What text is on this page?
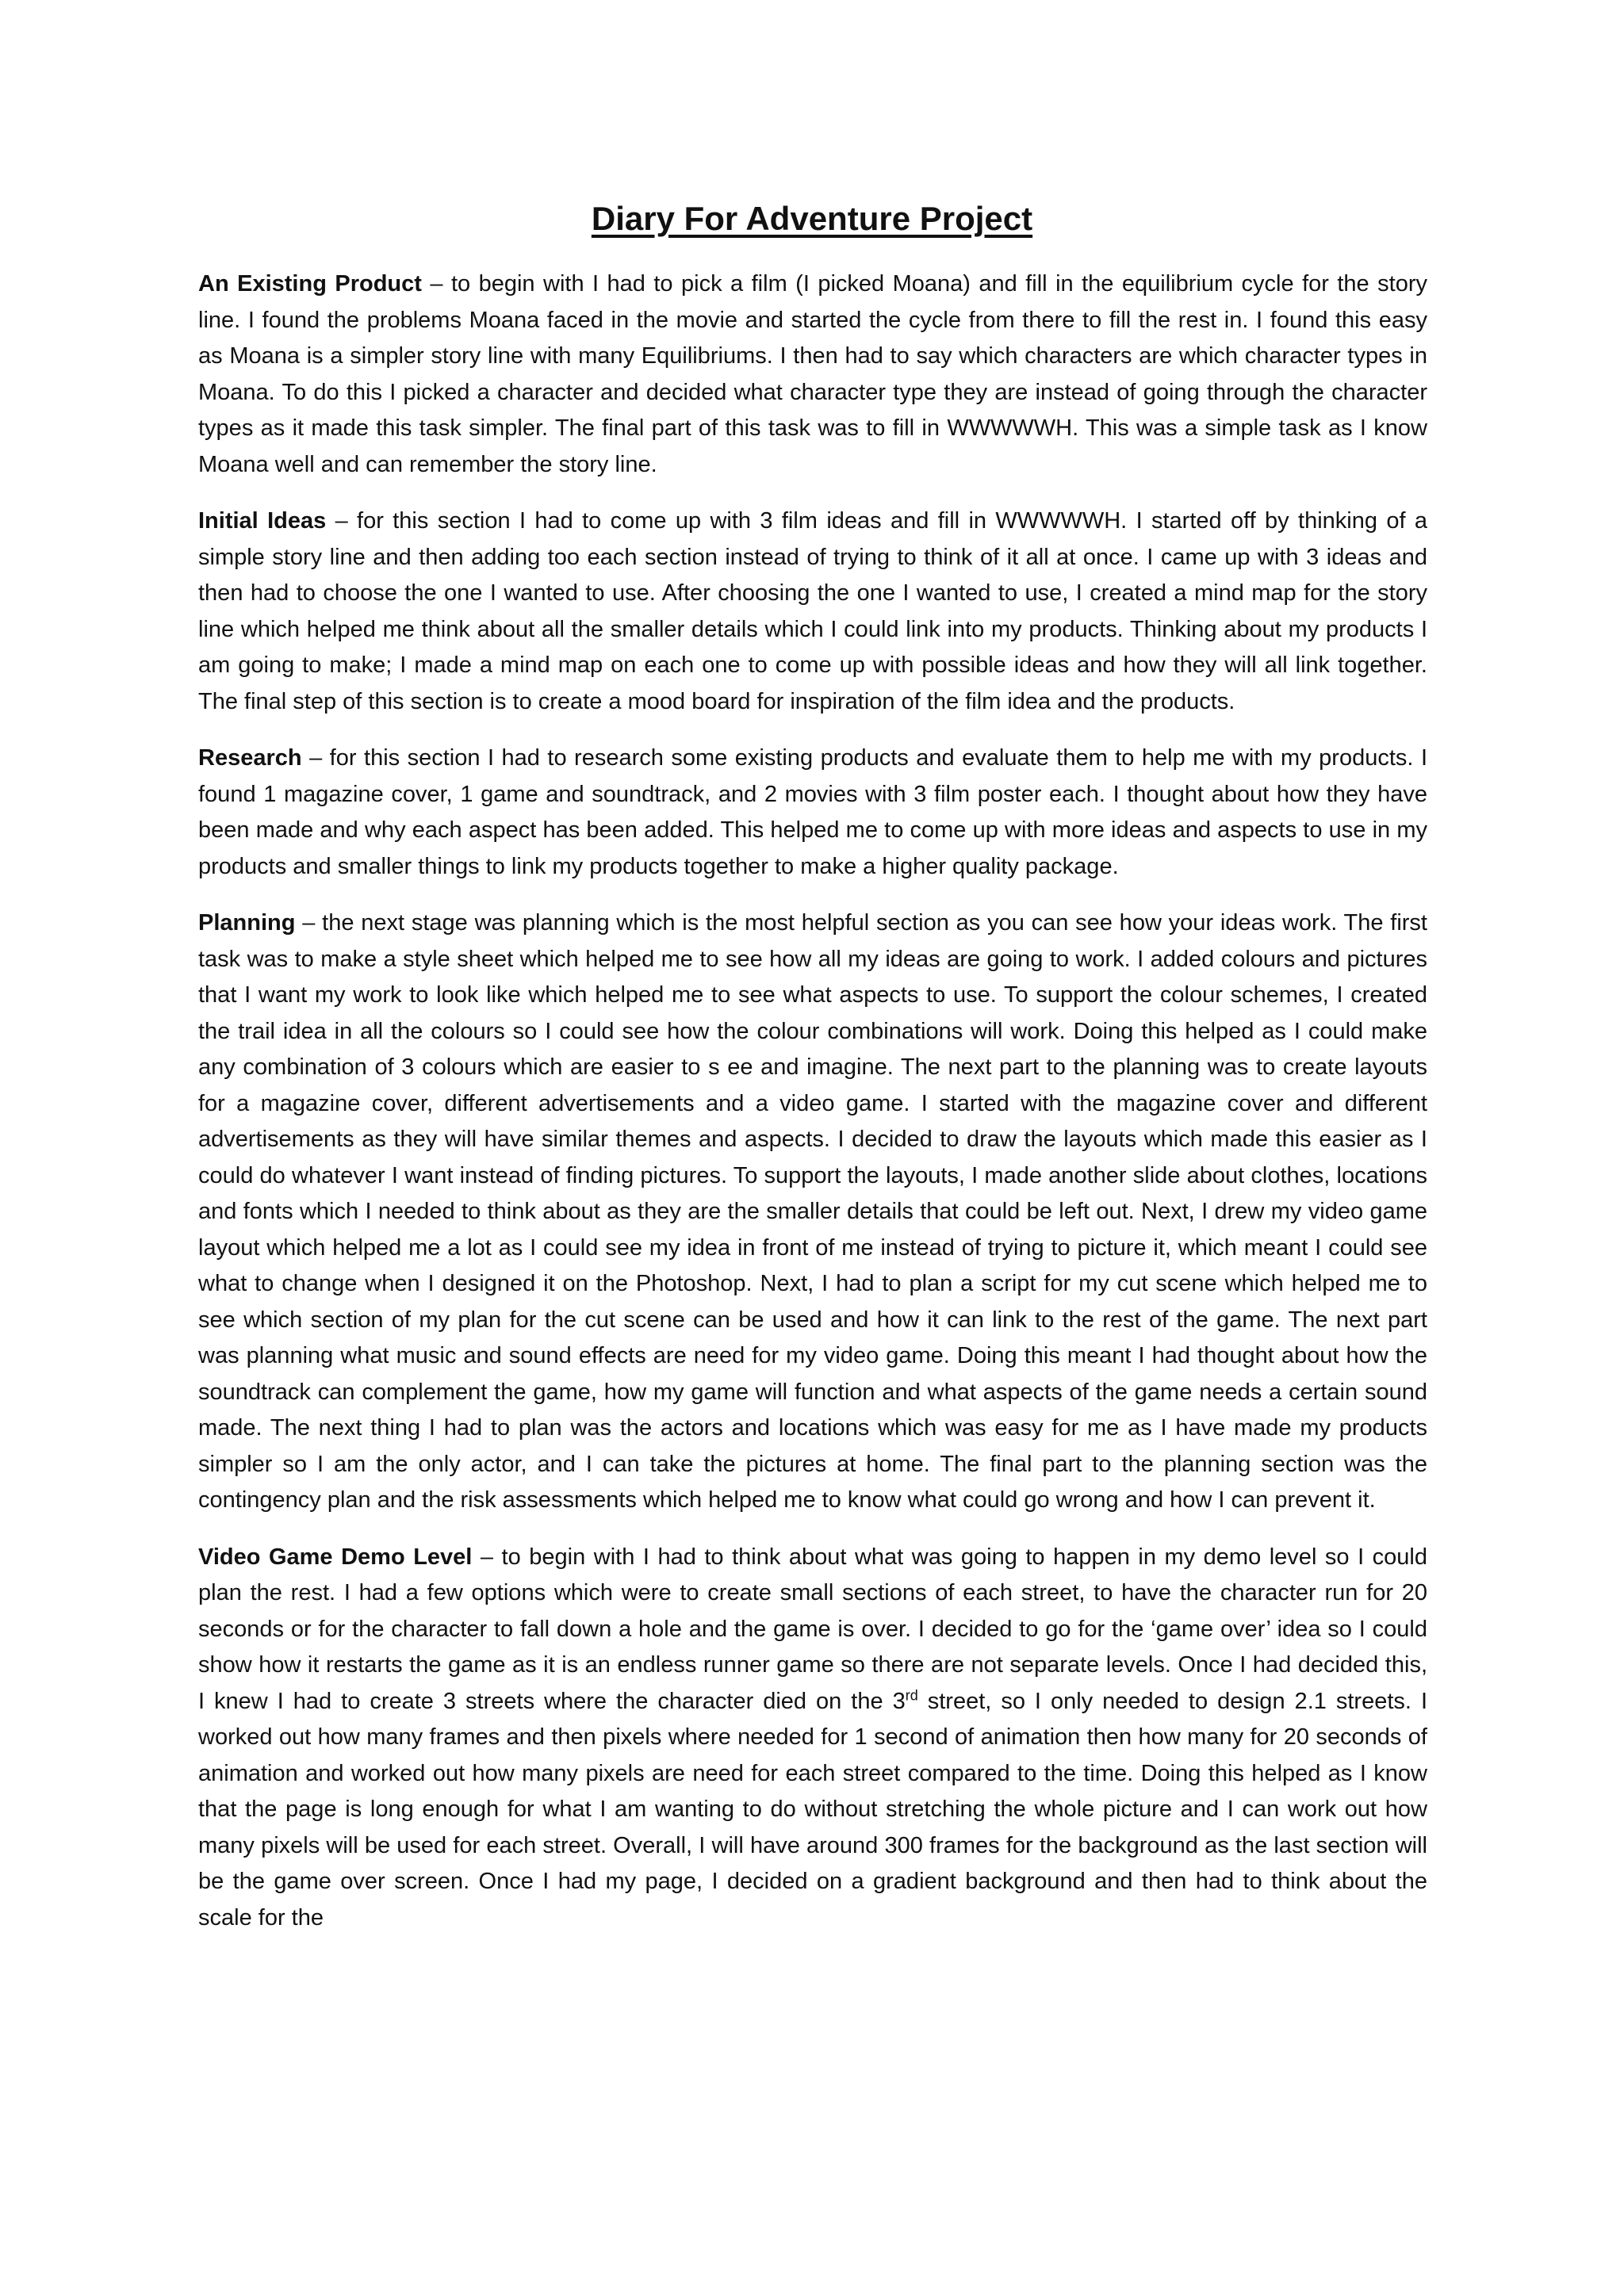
Diary For Adventure Project

An Existing Product – to begin with I had to pick a film (I picked Moana) and fill in the equilibrium cycle for the story line. I found the problems Moana faced in the movie and started the cycle from there to fill the rest in. I found this easy as Moana is a simpler story line with many Equilibriums. I then had to say which characters are which character types in Moana. To do this I picked a character and decided what character type they are instead of going through the character types as it made this task simpler. The final part of this task was to fill in WWWWWH. This was a simple task as I know Moana well and can remember the story line.

Initial Ideas – for this section I had to come up with 3 film ideas and fill in WWWWWH. I started off by thinking of a simple story line and then adding too each section instead of trying to think of it all at once. I came up with 3 ideas and then had to choose the one I wanted to use. After choosing the one I wanted to use, I created a mind map for the story line which helped me think about all the smaller details which I could link into my products. Thinking about my products I am going to make; I made a mind map on each one to come up with possible ideas and how they will all link together. The final step of this section is to create a mood board for inspiration of the film idea and the products.

Research – for this section I had to research some existing products and evaluate them to help me with my products. I found 1 magazine cover, 1 game and soundtrack, and 2 movies with 3 film poster each. I thought about how they have been made and why each aspect has been added. This helped me to come up with more ideas and aspects to use in my products and smaller things to link my products together to make a higher quality package.

Planning – the next stage was planning which is the most helpful section as you can see how your ideas work. The first task was to make a style sheet which helped me to see how all my ideas are going to work. I added colours and pictures that I want my work to look like which helped me to see what aspects to use. To support the colour schemes, I created the trail idea in all the colours so I could see how the colour combinations will work. Doing this helped as I could make any combination of 3 colours which are easier to s ee and imagine. The next part to the planning was to create layouts for a magazine cover, different advertisements and a video game. I started with the magazine cover and different advertisements as they will have similar themes and aspects. I decided to draw the layouts which made this easier as I could do whatever I want instead of finding pictures. To support the layouts, I made another slide about clothes, locations and fonts which I needed to think about as they are the smaller details that could be left out. Next, I drew my video game layout which helped me a lot as I could see my idea in front of me instead of trying to picture it, which meant I could see what to change when I designed it on the Photoshop. Next, I had to plan a script for my cut scene which helped me to see which section of my plan for the cut scene can be used and how it can link to the rest of the game. The next part was planning what music and sound effects are need for my video game. Doing this meant I had thought about how the soundtrack can complement the game, how my game will function and what aspects of the game needs a certain sound made. The next thing I had to plan was the actors and locations which was easy for me as I have made my products simpler so I am the only actor, and I can take the pictures at home. The final part to the planning section was the contingency plan and the risk assessments which helped me to know what could go wrong and how I can prevent it.

Video Game Demo Level – to begin with I had to think about what was going to happen in my demo level so I could plan the rest. I had a few options which were to create small sections of each street, to have the character run for 20 seconds or for the character to fall down a hole and the game is over. I decided to go for the ‘game over’ idea so I could show how it restarts the game as it is an endless runner game so there are not separate levels. Once I had decided this, I knew I had to create 3 streets where the character died on the 3rd street, so I only needed to design 2.1 streets. I worked out how many frames and then pixels where needed for 1 second of animation then how many for 20 seconds of animation and worked out how many pixels are need for each street compared to the time. Doing this helped as I know that the page is long enough for what I am wanting to do without stretching the whole picture and I can work out how many pixels will be used for each street. Overall, I will have around 300 frames for the background as the last section will be the game over screen. Once I had my page, I decided on a gradient background and then had to think about the scale for the
